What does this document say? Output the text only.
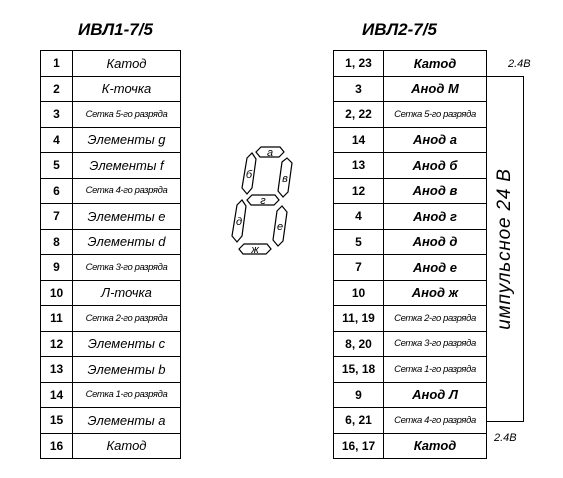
ИВЛ1-7/5	ИВЛ2-7/5
1	Катод
2	К-точка
3	Сетка 5-го разряда
4	Элементы g
5	Элементы f
6	Сетка 4-го разряда
7	Элементы е
8	Элементы d
9	Сетка 3-го разряда
10	Л-точка
11	Сетка 2-го разряда
12	Элементы с
13	Элементы b
14	Сетка 1-го разряда
15	Элементы а
16	Катод
1, 23	Катод
3	Анод М
2, 22	Сетка 5-го разряда
14	Анод а
13	Анод б
12	Анод в
4	Анод г
5	Анод д
7	Анод е
10	Анод ж
11, 19	Сетка 2-го разряда
8, 20	Сетка 3-го разряда
15, 18	Сетка 1-го разряда
9	Анод Л
6, 21	Сетка 4-го разряда
16, 17	Катод
импульсное 24 В
2.4В
2.4В
а
б	в
г
д	е
ж
